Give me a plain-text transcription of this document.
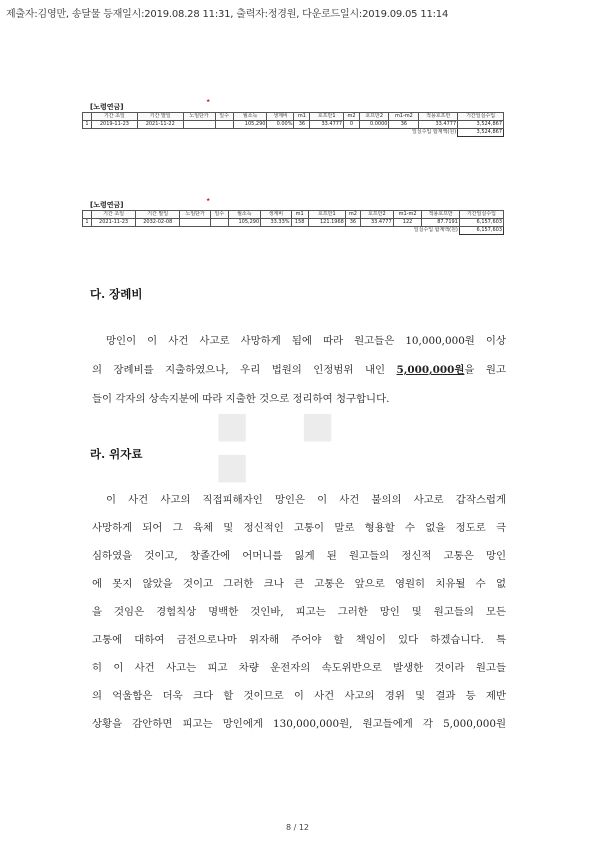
제출자:김영만, 송달물 등재일시:2019.08.28 11:31, 출력자:정경원, 다운로드일시:2019.09.05 11:14
[노령연금]
٭
	기간 초일	기간 말일	노임단가	일수	월소득	생계비	m1	호프만1	m2	호프만2	m1-m2	적용호프만	기간일실수입
1	2019-11-23	2021-11-22			105,290	0.00%	36	33.4777	0	0.0000	36	33.4777	3,524,867
일실수입 합계액(원)													3,524,867
[노령연금]
٭
	기간 초일	기간 말일	노임단가	일수	월소득	생계비	m1	호프만1	m2	호프만2	m1-m2	적용호프만	기간일실수입
1	2021-11-23	2032-02-08			105,290	33.33%	158	121.1968	36	33.4777	122	87.7191	6,157,603
일실수입 합계액(원)													6,157,603
다. 장례비
망인이 이 사건 사고로 사망하게 됨에 따라 원고들은 10,000,000원 이상
의 장례비를 지출하였으나, 우리 법원의 인정범위 내인 5,000,000원을 원고
들이 각자의 상속지분에 따라 지출한 것으로 정리하여 청구합니다.
■ ■ ■
라. 위자료
이 사건 사고의 직접피해자인 망인은 이 사건 불의의 사고로 갑작스럽게
사망하게 되어 그 육체 및 정신적인 고통이 말로 형용할 수 없을 정도로 극
심하였을 것이고, 창졸간에 어머니를 잃게 된 원고들의 정신적 고통은 망인
에 못지 않았을 것이고 그러한 크나 큰 고통은 앞으로 영원히 치유될 수 없
을 것임은 경험칙상 명백한 것인바, 피고는 그러한 망인 및 원고들의 모든
고통에 대하여 금전으로나마 위자해 주어야 할 책임이 있다 하겠습니다. 특
히 이 사건 사고는 피고 차량 운전자의 속도위반으로 발생한 것이라 원고들
의 억울함은 더욱 크다 할 것이므로 이 사건 사고의 경위 및 결과 등 제반
상황을 감안하면 피고는 망인에게 130,000,000원, 원고들에게 각 5,000,000원
8 / 12
